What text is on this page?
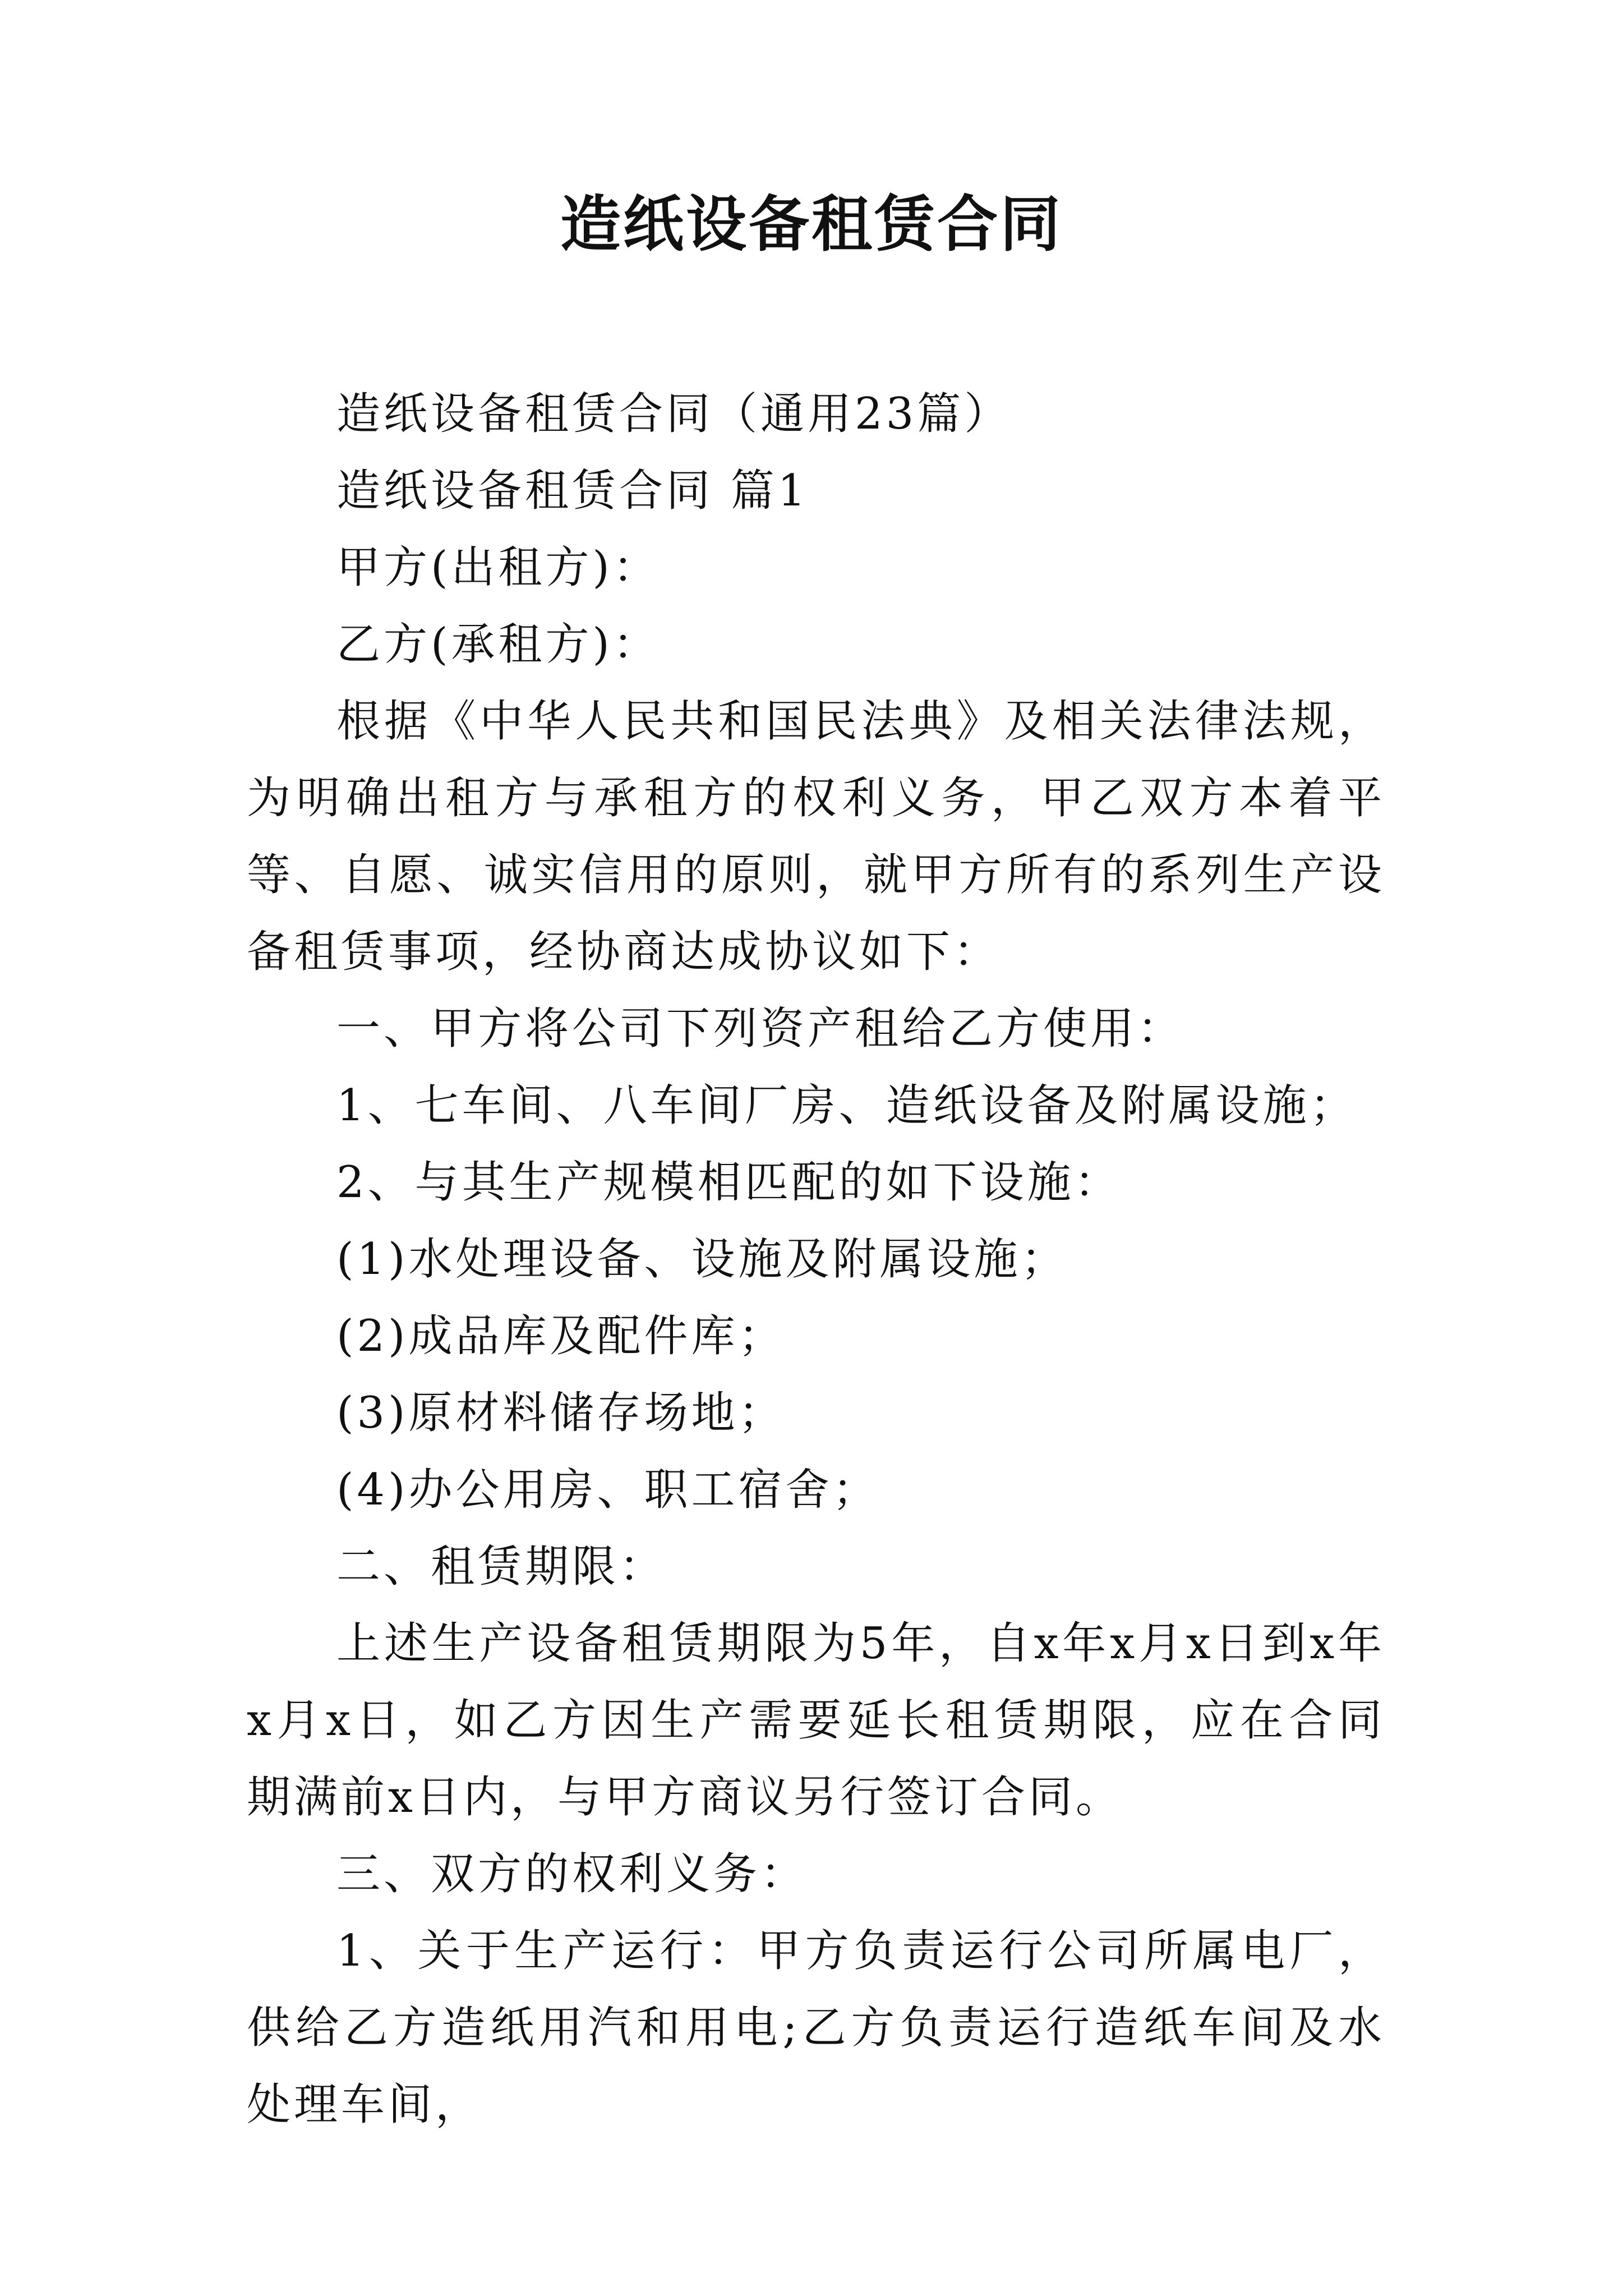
造纸设备租赁合同

造纸设备租赁合同（通用23篇）

造纸设备租赁合同 篇1

甲方(出租方)：

乙方(承租方)：

根据《中华人民共和国民法典》及相关法律法规，为明确出租方与承租方的权利义务，甲乙双方本着平等、自愿、诚实信用的原则，就甲方所有的系列生产设备租赁事项，经协商达成协议如下：

一、甲方将公司下列资产租给乙方使用：

1、七车间、八车间厂房、造纸设备及附属设施；

2、与其生产规模相匹配的如下设施：

(1)水处理设备、设施及附属设施；

(2)成品库及配件库；

(3)原材料储存场地；

(4)办公用房、职工宿舍；

二、租赁期限：

上述生产设备租赁期限为5年，自x年x月x日到x年x月x日，如乙方因生产需要延长租赁期限，应在合同期满前x日内，与甲方商议另行签订合同。

三、双方的权利义务：

1、关于生产运行：甲方负责运行公司所属电厂，供给乙方造纸用汽和用电;乙方负责运行造纸车间及水处理车间，
